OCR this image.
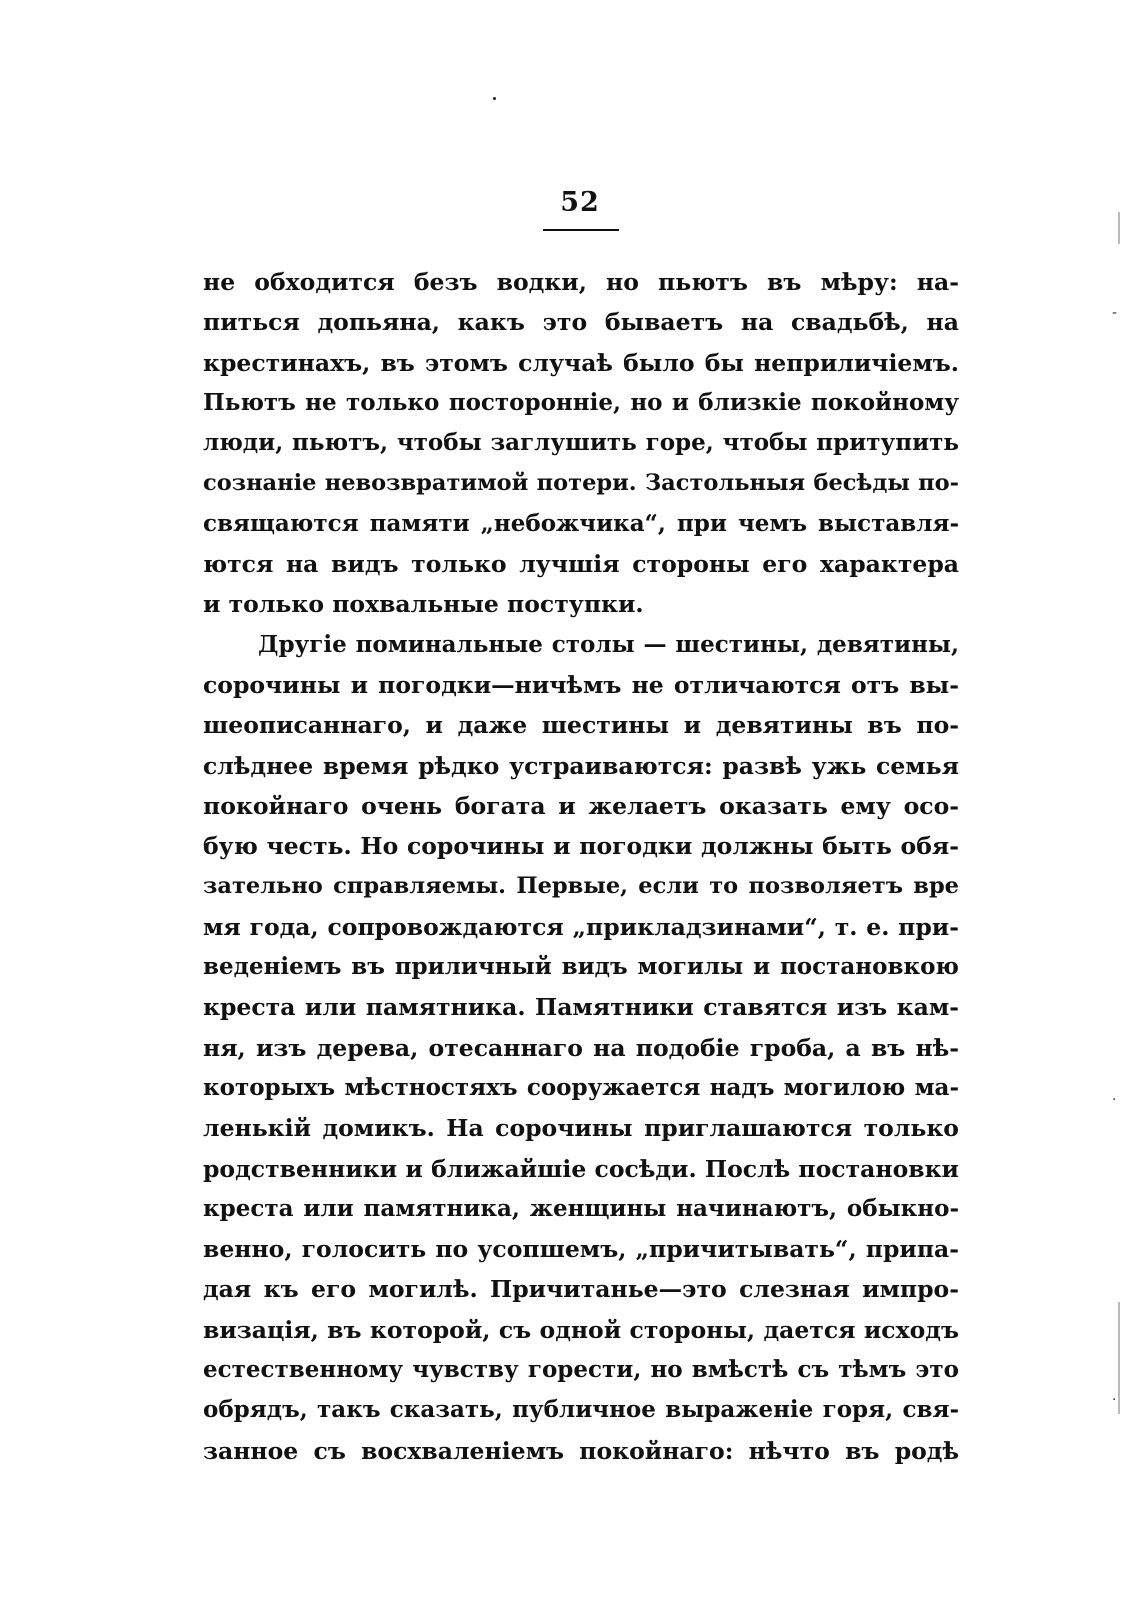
52
не обходится безъ водки, но пьютъ въ мѣру: на-
питься допьяна, какъ это бываетъ на свадьбѣ, на
крестинахъ, въ этомъ случаѣ было бы неприличіемъ.
Пьютъ не только посторонніе, но и близкіе покойному
люди, пьютъ, чтобы заглушить горе, чтобы притупить
сознаніе невозвратимой потери. Застольныя бесѣды по-
свящаются памяти „небожчика“, при чемъ выставля-
ются на видъ только лучшія стороны его характера
и только похвальные поступки.
Другіе поминальные столы — шестины, девятины,
сорочины и погодки—ничѣмъ не отличаются отъ вы-
шеописаннаго, и даже шестины и девятины въ по-
слѣднее время рѣдко устраиваются: развѣ ужь семья
покойнаго очень богата и желаетъ оказать ему осо-
бую честь. Но сорочины и погодки должны быть обя-
зательно справляемы. Первые, если то позволяетъ вре
мя года, сопровождаются „прикладзинами“, т. е. при-
веденіемъ въ приличный видъ могилы и постановкою
креста или памятника. Памятники ставятся изъ кам-
ня, изъ дерева, отесаннаго на подобіе гроба, а въ нѣ-
которыхъ мѣстностяхъ сооружается надъ могилою ма-
ленькій домикъ. На сорочины приглашаются только
родственники и ближайшіе сосѣди. Послѣ постановки
креста или памятника, женщины начинаютъ, обыкно-
венно, голосить по усопшемъ, „причитывать“, припа-
дая къ его могилѣ. Причитанье—это слезная импро-
визація, въ которой, съ одной стороны, дается исходъ
естественному чувству горести, но вмѣстѣ съ тѣмъ это
обрядъ, такъ сказать, публичное выраженіе горя, свя-
занное съ восхваленіемъ покойнаго: нѣчто въ родѣ
-
·
·
